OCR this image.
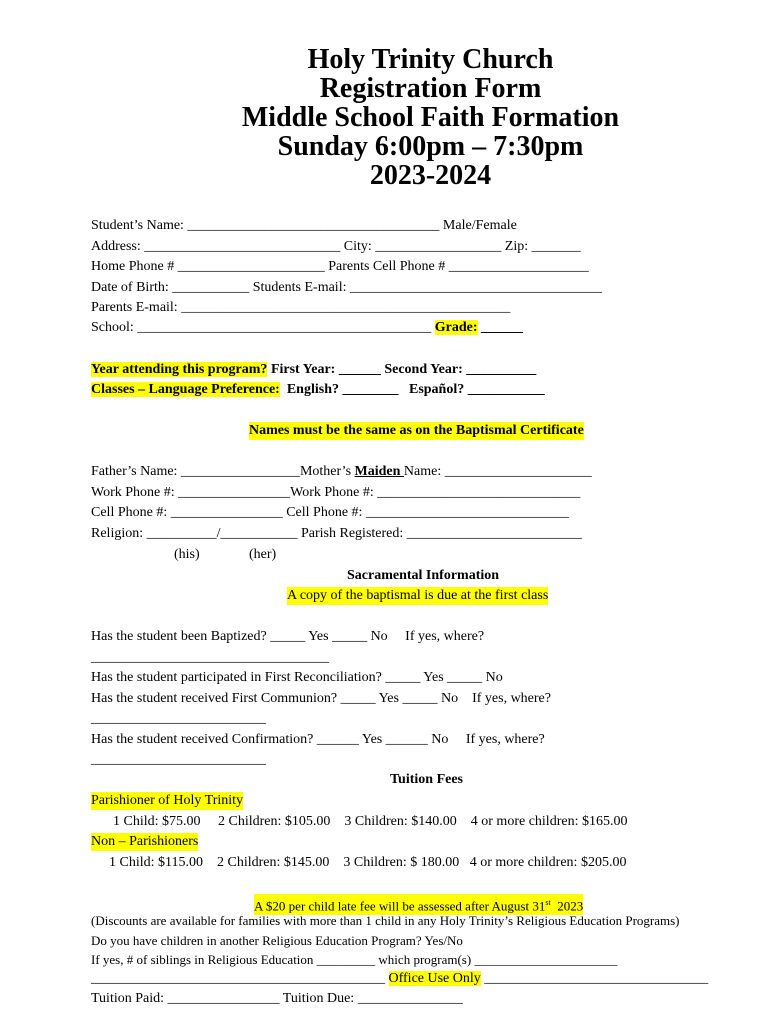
Holy Trinity Church
Registration Form
Middle School Faith Formation
Sunday 6:00pm – 7:30pm
2023-2024
Student’s Name: ____________________________________ Male/Female
Address: ____________________________ City: __________________ Zip: _______
Home Phone # _____________________ Parents Cell Phone # ____________________
Date of Birth: ___________ Students E-mail: ____________________________________
Parents E-mail: _______________________________________________
School: __________________________________________ Grade: ______
Year attending this program? First Year: ______ Second Year: __________
Classes – Language Preference:  English? ________   Español? ___________
Names must be the same as on the Baptismal Certificate
Father’s Name: _________________Mother’s Maiden Name: _____________________
Work Phone #: ________________Work Phone #: _____________________________
Cell Phone #: ________________ Cell Phone #: _____________________________
Religion: __________/___________ Parish Registered: _________________________
(his)	(her)
Sacramental Information
A copy of the baptismal is due at the first class
Has the student been Baptized? _____ Yes _____ No     If yes, where?
__________________________________
Has the student participated in First Reconciliation? _____ Yes _____ No
Has the student received First Communion? _____ Yes _____ No    If yes, where?
_________________________
Has the student received Confirmation? ______ Yes ______ No     If yes, where?
_________________________
Tuition Fees
Parishioner of Holy Trinity
1 Child: $75.00     2 Children: $105.00    3 Children: $140.00    4 or more children: $165.00
Non – Parishioners
1 Child: $115.00    2 Children: $145.00    3 Children: $ 180.00   4 or more children: $205.00
A $20 per child late fee will be assessed after August 31st  2023
(Discounts are available for families with more than 1 child in any Holy Trinity’s Religious Education Programs)
Do you have children in another Religious Education Program? Yes/No
If yes, # of siblings in Religious Education _________ which program(s) ______________________
__________________________________________ Office Use Only ________________________________
Tuition Paid: ________________ Tuition Due: _______________
